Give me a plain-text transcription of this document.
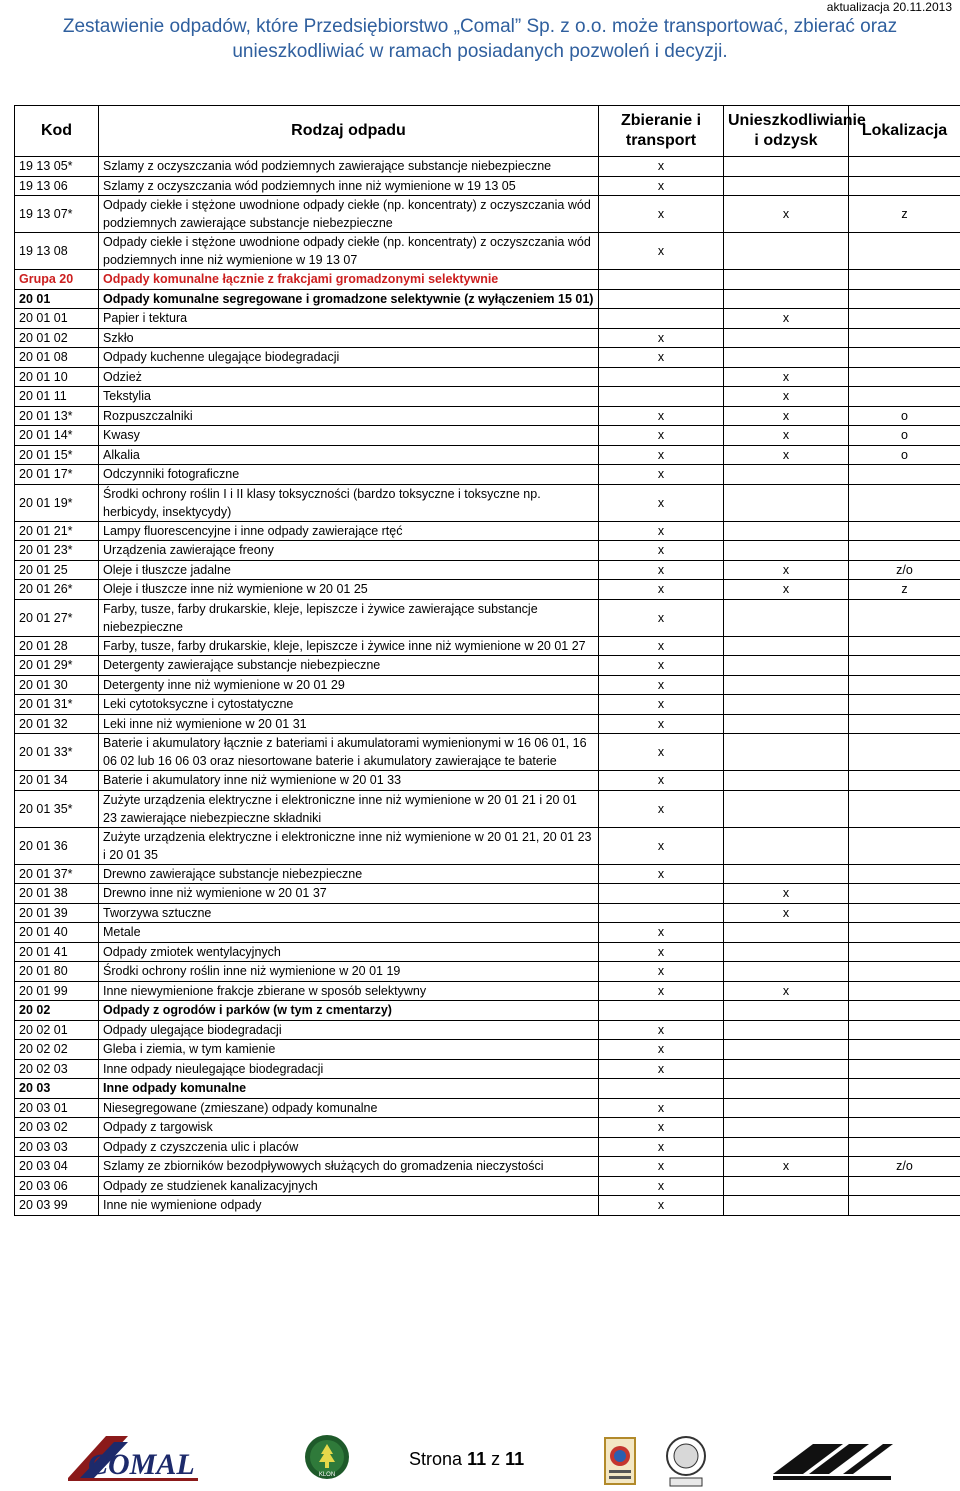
aktualizacja 20.11.2013
Zestawienie odpadów, które Przedsiębiorstwo „Comal” Sp. z o.o. może transportować, zbierać oraz
unieszkodliwiać w ramach posiadanych pozwoleń i decyzji.
Kod	Rodzaj odpadu	Zbieranie i transport	Unieszkodliwianie i odzysk	Lokalizacja
19 13 05*	Szlamy z oczyszczania wód podziemnych zawierające substancje niebezpieczne	x		
19 13 06	Szlamy z oczyszczania wód podziemnych inne niż wymienione w 19 13 05	x		
19 13 07*	Odpady ciekłe i stężone uwodnione odpady ciekłe (np. koncentraty) z oczyszczania wód podziemnych zawierające substancje niebezpieczne	x	x	z
19 13 08	Odpady ciekłe i stężone uwodnione odpady ciekłe (np. koncentraty) z oczyszczania wód podziemnych inne niż wymienione w 19 13 07	x		
Grupa 20	Odpady komunalne łącznie z frakcjami gromadzonymi selektywnie			
20 01	Odpady komunalne segregowane i gromadzone selektywnie (z wyłączeniem 15 01)			
20 01 01	Papier i tektura		x	
20 01 02	Szkło	x		
20 01 08	Odpady kuchenne ulegające biodegradacji	x		
20 01 10	Odzież		x	
20 01 11	Tekstylia		x	
20 01 13*	Rozpuszczalniki	x	x	o
20 01 14*	Kwasy	x	x	o
20 01 15*	Alkalia	x	x	o
20 01 17*	Odczynniki fotograficzne	x		
20 01 19*	Środki ochrony roślin I i II klasy toksyczności (bardzo toksyczne i toksyczne np. herbicydy, insektycydy)	x		
20 01 21*	Lampy fluorescencyjne i inne odpady zawierające rtęć	x		
20 01 23*	Urządzenia zawierające freony	x		
20 01 25	Oleje i tłuszcze jadalne	x	x	z/o
20 01 26*	Oleje i tłuszcze inne niż wymienione w 20 01 25	x	x	z
20 01 27*	Farby, tusze, farby drukarskie, kleje, lepiszcze i żywice zawierające substancje niebezpieczne	x		
20 01 28	Farby, tusze, farby drukarskie, kleje, lepiszcze i żywice inne niż wymienione w 20 01 27	x		
20 01 29*	Detergenty zawierające substancje niebezpieczne	x		
20 01 30	Detergenty inne niż wymienione w 20 01 29	x		
20 01 31*	Leki cytotoksyczne i cytostatyczne	x		
20 01 32	Leki inne niż wymienione w 20 01 31	x		
20 01 33*	Baterie i akumulatory łącznie z bateriami i akumulatorami wymienionymi w 16 06 01, 16 06 02 lub 16 06 03 oraz niesortowane baterie i akumulatory zawierające te baterie	x		
20 01 34	Baterie i akumulatory inne niż wymienione w 20 01 33	x		
20 01 35*	Zużyte urządzenia elektryczne i elektroniczne inne niż wymienione w 20 01 21 i 20 01 23 zawierające niebezpieczne składniki	x		
20 01 36	Zużyte urządzenia elektryczne i elektroniczne inne niż wymienione w 20 01 21, 20 01 23 i 20 01 35	x		
20 01 37*	Drewno zawierające substancje niebezpieczne	x		
20 01 38	Drewno inne niż wymienione w 20 01 37		x	
20 01 39	Tworzywa sztuczne		x	
20 01 40	Metale	x		
20 01 41	Odpady zmiotek wentylacyjnych	x		
20 01 80	Środki ochrony roślin inne niż wymienione w 20 01 19	x		
20 01 99	Inne niewymienione frakcje zbierane w sposób selektywny	x	x	
20 02	Odpady z ogrodów i parków (w tym z cmentarzy)			
20 02 01	Odpady ulegające biodegradacji	x		
20 02 02	Gleba i ziemia, w tym kamienie	x		
20 02 03	Inne odpady nieulegające biodegradacji	x		
20 03	Inne odpady komunalne			
20 03 01	Niesegregowane (zmieszane) odpady komunalne	x		
20 03 02	Odpady z targowisk	x		
20 03 03	Odpady z czyszczenia ulic i placów	x		
20 03 04	Szlamy ze zbiorników bezodpływowych służących do gromadzenia nieczystości	x	x	z/o
20 03 06	Odpady ze studzienek kanalizacyjnych	x		
20 03 99	Inne nie wymienione odpady	x		
COMAL	KLON
Strona 11 z 11
